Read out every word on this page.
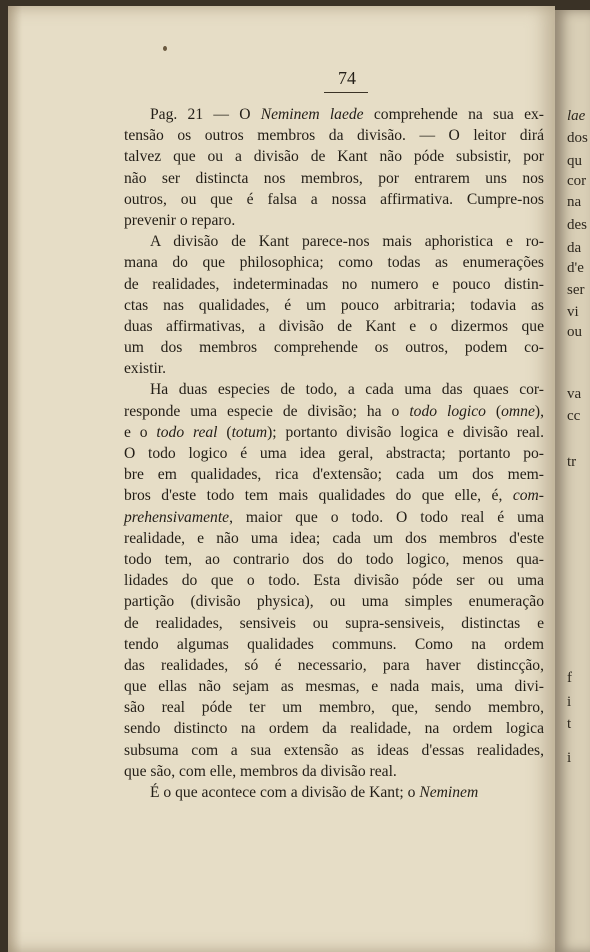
74
Pag. 21 — O Neminem laede comprehende na sua ex-
tensão os outros membros da divisão. — O leitor dirá
talvez que ou a divisão de Kant não póde subsistir, por
não ser distincta nos membros, por entrarem uns nos
outros, ou que é falsa a nossa affirmativa. Cumpre-nos
prevenir o reparo.
A divisão de Kant parece-nos mais aphoristica e ro-
mana do que philosophica; como todas as enumerações
de realidades, indeterminadas no numero e pouco distin-
ctas nas qualidades, é um pouco arbitraria; todavia as
duas affirmativas, a divisão de Kant e o dizermos que
um dos membros comprehende os outros, podem co-
existir.
Ha duas especies de todo, a cada uma das quaes cor-
responde uma especie de divisão; ha o todo logico (omne),
e o todo real (totum); portanto divisão logica e divisão real.
O todo logico é uma idea geral, abstracta; portanto po-
bre em qualidades, rica d'extensão; cada um dos mem-
bros d'este todo tem mais qualidades do que elle, é, com-
prehensivamente, maior que o todo. O todo real é uma
realidade, e não uma idea; cada um dos membros d'este
todo tem, ao contrario dos do todo logico, menos qua-
lidades do que o todo. Esta divisão póde ser ou uma
partição (divisão physica), ou uma simples enumeração
de realidades, sensiveis ou supra-sensiveis, distinctas e
tendo algumas qualidades communs. Como na ordem
das realidades, só é necessario, para haver distincção,
que ellas não sejam as mesmas, e nada mais, uma divi-
são real póde ter um membro, que, sendo membro,
sendo distincto na ordem da realidade, na ordem logica
subsuma com a sua extensão as ideas d'essas realidades,
que são, com elle, membros da divisão real.
É o que acontece com a divisão de Kant; o Neminem
lae
dos
qu
cor
na
des
da
d'e
ser
vi
ou
va
cc
tr
f
i
t
i
